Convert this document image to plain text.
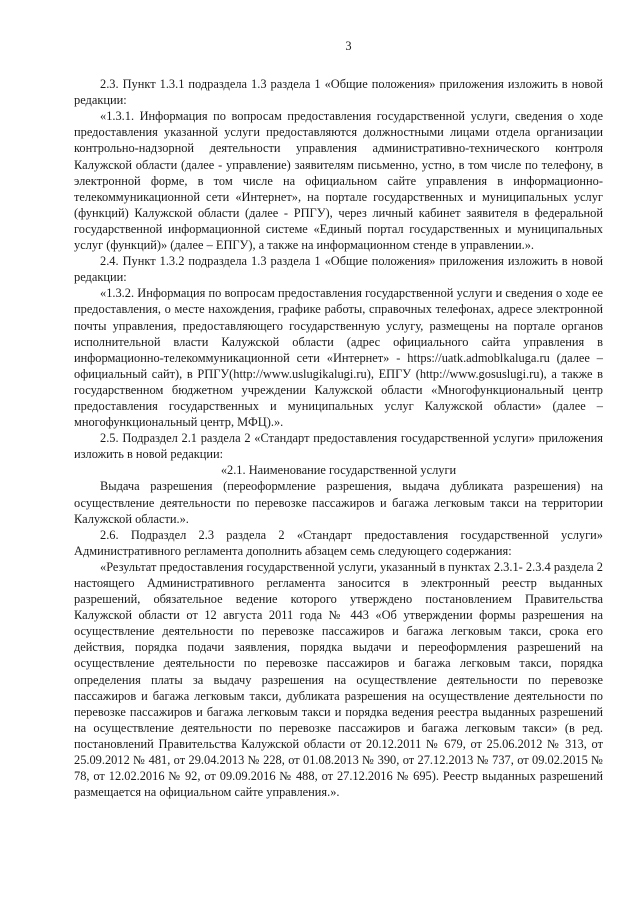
3

2.3. Пункт 1.3.1 подраздела 1.3 раздела 1 «Общие положения» приложения изложить в новой редакции:

«1.3.1. Информация по вопросам предоставления государственной услуги, сведения о ходе предоставления указанной услуги предоставляются должностными лицами отдела организации контрольно-надзорной деятельности управления административно-технического контроля Калужской области (далее - управление) заявителям письменно, устно, в том числе по телефону, в электронной форме, в том числе на официальном сайте управления в информационно-телекоммуникационной сети «Интернет», на портале государственных и муниципальных услуг (функций) Калужской области (далее - РПГУ), через личный кабинет заявителя в федеральной государственной информационной системе «Единый портал государственных и муниципальных услуг (функций)» (далее – ЕПГУ), а также на информационном стенде в управлении.».

2.4. Пункт 1.3.2 подраздела 1.3 раздела 1 «Общие положения» приложения изложить в новой редакции:

«1.3.2. Информация по вопросам предоставления государственной услуги и сведения о ходе ее предоставления, о месте нахождения, графике работы, справочных телефонах, адресе электронной почты управления, предоставляющего государственную услугу, размещены на портале органов исполнительной власти Калужской области (адрес официального сайта управления в информационно-телекоммуникационной сети «Интернет» - https://uatk.admoblkaluga.ru (далее – официальный сайт), в РПГУ(http://www.uslugikalugi.ru), ЕПГУ (http://www.gosuslugi.ru), а также в государственном бюджетном учреждении Калужской области «Многофункциональный центр предоставления государственных и муниципальных услуг Калужской области» (далее – многофункциональный центр, МФЦ).».

2.5. Подраздел 2.1 раздела 2 «Стандарт предоставления государственной услуги» приложения изложить в новой редакции:

«2.1. Наименование государственной услуги

Выдача разрешения (переоформление разрешения, выдача дубликата разрешения) на осуществление деятельности по перевозке пассажиров и багажа легковым такси на территории Калужской области.».

2.6. Подраздел 2.3 раздела 2 «Стандарт предоставления государственной услуги» Административного регламента дополнить абзацем семь следующего содержания:

«Результат предоставления государственной услуги, указанный в пунктах 2.3.1- 2.3.4 раздела 2 настоящего Административного регламента заносится в электронный реестр выданных разрешений, обязательное ведение которого утверждено постановлением Правительства Калужской области от 12 августа 2011 года № 443 «Об утверждении формы разрешения на осуществление деятельности по перевозке пассажиров и багажа легковым такси, срока его действия, порядка подачи заявления, порядка выдачи и переоформления разрешений на осуществление деятельности по перевозке пассажиров и багажа легковым такси, порядка определения платы за выдачу разрешения на осуществление деятельности по перевозке пассажиров и багажа легковым такси, дубликата разрешения на осуществление деятельности по перевозке пассажиров и багажа легковым такси и порядка ведения реестра выданных разрешений на осуществление деятельности по перевозке пассажиров и багажа легковым такси» (в ред. постановлений Правительства Калужской области от 20.12.2011 № 679, от 25.06.2012 № 313, от 25.09.2012 № 481, от 29.04.2013 № 228, от 01.08.2013 № 390, от 27.12.2013 № 737, от 09.02.2015 № 78, от 12.02.2016 № 92, от 09.09.2016 № 488, от 27.12.2016 № 695). Реестр выданных разрешений размещается на официальном сайте управления.».
